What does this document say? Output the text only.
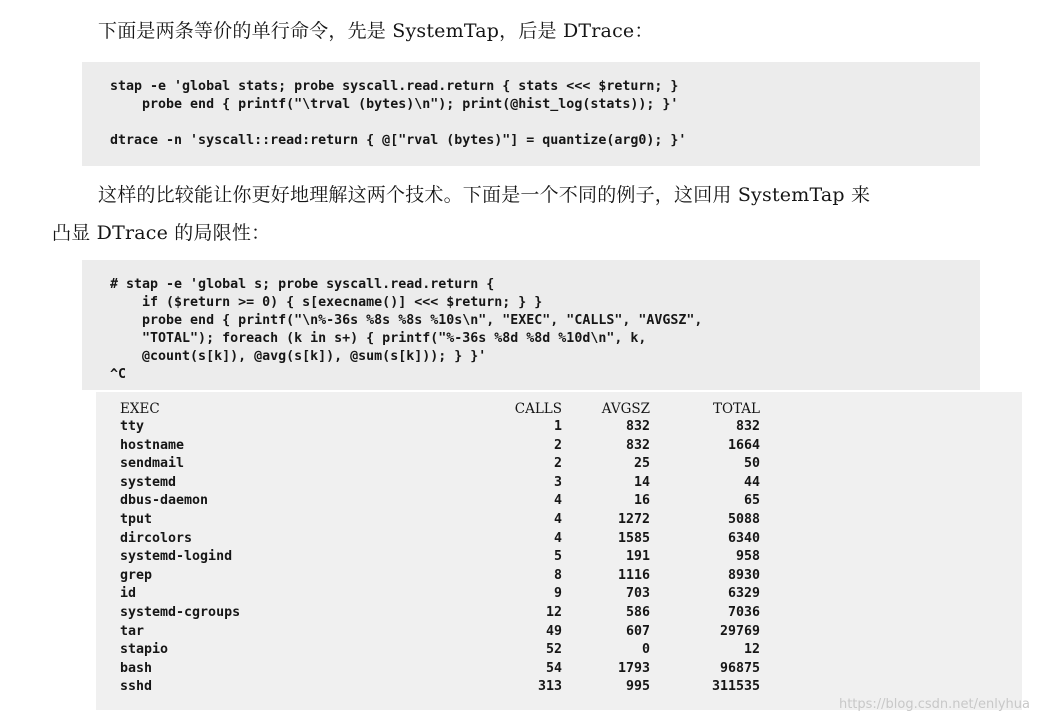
下面是两条等价的单行命令，先是 SystemTap，后是 DTrace：

stap -e 'global stats; probe syscall.read.return { stats <<< $return; }
probe end { printf("\trval (bytes)\n"); print(@hist_log(stats)); }'
dtrace -n 'syscall::read:return { @["rval (bytes)"] = quantize(arg0); }'

这样的比较能让你更好地理解这两个技术。下面是一个不同的例子，这回用 SystemTap 来

凸显 DTrace 的局限性：

# stap -e 'global s; probe syscall.read.return {
if ($return >= 0) { s[execname()] <<< $return; } }
probe end { printf("\n%-36s %8s %8s %10s\n", "EXEC", "CALLS", "AVGSZ",
"TOTAL"); foreach (k in s+) { printf("%-36s %8d %8d %10d\n", k,
@count(s[k]), @avg(s[k]), @sum(s[k])); } }'
^C
EXEC	CALLS	AVGSZ	TOTAL
tty	1	832	832
hostname	2	832	1664
sendmail	2	25	50
systemd	3	14	44
dbus-daemon	4	16	65
tput	4	1272	5088
dircolors	4	1585	6340
systemd-logind	5	191	958
grep	8	1116	8930
id	9	703	6329
systemd-cgroups	12	586	7036
tar	49	607	29769
stapio	52	0	12
bash	54	1793	96875
sshd	313	995	311535
https://blog.csdn.net/enlyhua
